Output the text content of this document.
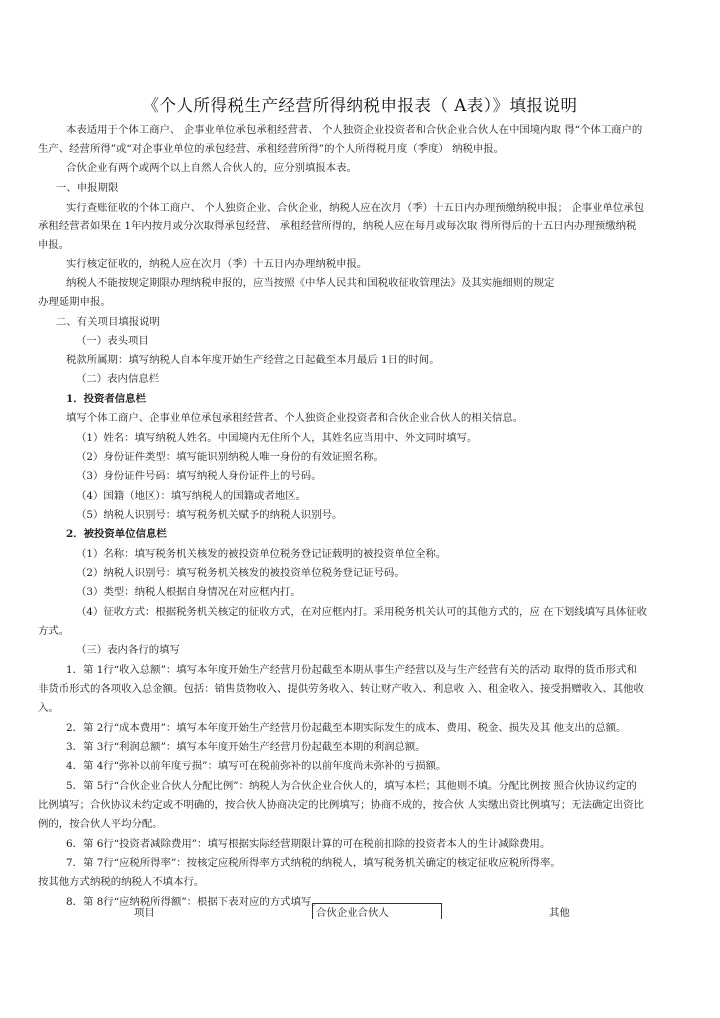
《个人所得税生产经营所得纳税申报表（ A表）》填报说明
本表适用于个体工商户、 企事业单位承包承租经营者、 个人独资企业投资者和合伙企业合伙人在中国境内取 得“个体工商户的
生产、经营所得”或“对企事业单位的承包经营、承租经营所得”的个人所得税月度（季度） 纳税申报。
合伙企业有两个或两个以上自然人合伙人的，应分别填报本表。
一、申报期限
实行查账征收的个体工商户、 个人独资企业、合伙企业，纳税人应在次月（季）十五日内办理预缴纳税申报； 企事业单位承包
承租经营者如果在 1年内按月或分次取得承包经营、 承租经营所得的，纳税人应在每月或每次取 得所得后的十五日内办理预缴纳税
申报。
实行核定征收的，纳税人应在次月（季）十五日内办理纳税申报。
纳税人不能按规定期限办理纳税申报的，应当按照《中华人民共和国税收征收管理法》及其实施细则的规定
办理延期申报。
二、有关项目填报说明
（一）表头项目
税款所属期：填写纳税人自本年度开始生产经营之日起截至本月最后 1日的时间。
（二）表内信息栏
1．投资者信息栏
填写个体工商户、企事业单位承包承租经营者、个人独资企业投资者和合伙企业合伙人的相关信息。
（1）姓名：填写纳税人姓名。中国境内无住所个人，其姓名应当用中、外文同时填写。
（2）身份证件类型：填写能识别纳税人唯一身份的有效证照名称。
（3）身份证件号码：填写纳税人身份证件上的号码。
（4）国籍（地区）：填写纳税人的国籍或者地区。
（5）纳税人识别号：填写税务机关赋予的纳税人识别号。
2．被投资单位信息栏
（1）名称：填写税务机关核发的被投资单位税务登记证载明的被投资单位全称。
（2）纳税人识别号：填写税务机关核发的被投资单位税务登记证号码。
（3）类型：纳税人根据自身情况在对应框内打。
（4）征收方式：根据税务机关核定的征收方式，在对应框内打。采用税务机关认可的其他方式的，应 在下划线填写具体征收
方式。
（三）表内各行的填写
1．第 1行“收入总额”：填写本年度开始生产经营月份起截至本期从事生产经营以及与生产经营有关的活动 取得的货币形式和
非货币形式的各项收入总金额。包括：销售货物收入、提供劳务收入、转让财产收入、利息收 入、租金收入、接受捐赠收入、其他收
入。
2．第 2行“成本费用”：填写本年度开始生产经营月份起截至本期实际发生的成本、费用、税金、损失及其 他支出的总额。
3．第 3行“利润总额”：填写本年度开始生产经营月份起截至本期的利润总额。
4．第 4行“弥补以前年度亏损”：填写可在税前弥补的以前年度尚未弥补的亏损额。
5．第 5行“合伙企业合伙人分配比例”：纳税人为合伙企业合伙人的，填写本栏；其他则不填。分配比例按 照合伙协议约定的
比例填写；合伙协议未约定或不明确的，按合伙人协商决定的比例填写；协商不成的，按合伙 人实缴出资比例填写；无法确定出资比
例的，按合伙人平均分配。
6．第 6行“投资者减除费用”：填写根据实际经营期限计算的可在税前扣除的投资者本人的生计减除费用。
7．第 7行“应税所得率”：按核定应税所得率方式纳税的纳税人，填写税务机关确定的核定征收应税所得率。
按其他方式纳税的纳税人不填本行。
8．第 8行“应纳税所得额”：根据下表对应的方式填写。
项目	合伙企业合伙人	其他
